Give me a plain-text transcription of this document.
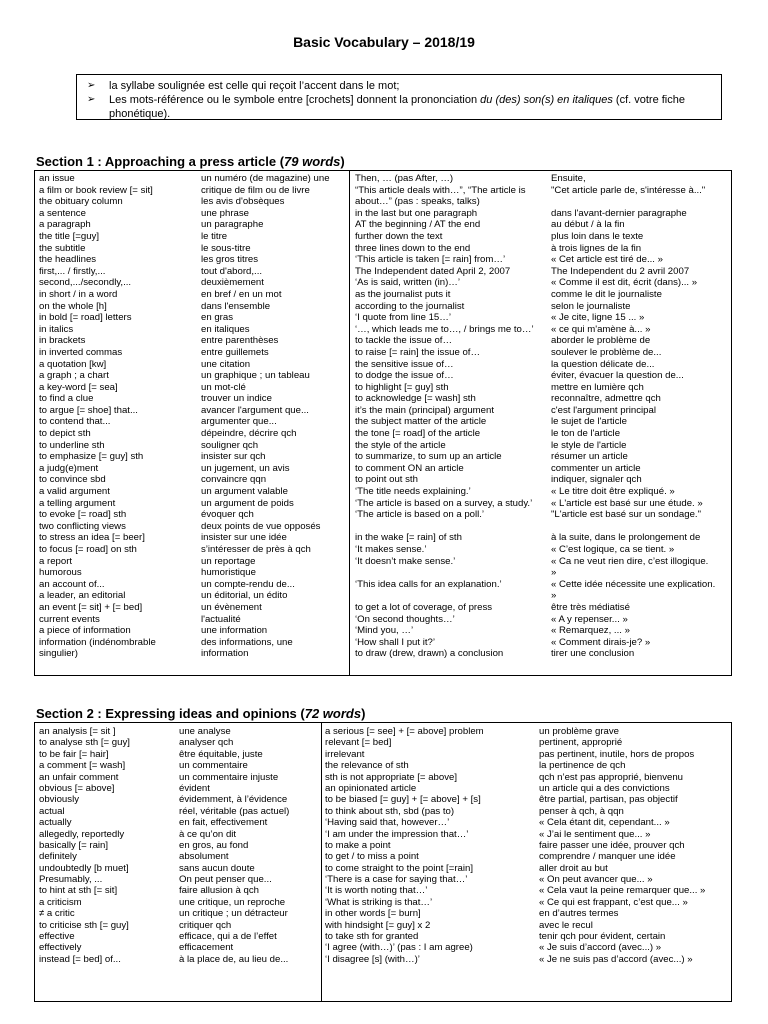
Basic Vocabulary – 2018/19
➢ la syllabe soulignée est celle qui reçoit l’accent dans le mot;
➢ Les mots-référence ou le symbole entre [crochets] donnent la prononciation du (des) son(s) en italiques (cf. votre fiche phonétique).
Section 1 : Approaching a press article (79 words)
an issue
a film or book review [= sit]
the obituary column
a sentence
a paragraph
the title [=guy]
the subtitle
the headlines
first,... / firstly,...
second,.../secondly,...
in short / in a word
on the whole [h]
in bold [= road] letters
in italics
in brackets
in inverted commas
a quotation [kw]
a graph ; a chart
a key-word [= sea]
to find a clue
to argue [= shoe] that...
to contend that...
to depict sth
to underline sth
to emphasize [= guy] sth
a judg(e)ment
to convince sbd
a valid argument
a telling argument
to evoke [= road] sth
two conflicting views
to stress an idea [= beer]
to focus [= road] on sth
a report
humorous
an account of...
a leader, an editorial
an event [= sit] + [= bed]
current events
a piece of information
information (indénombrable
singulier)
un numéro (de magazine) une
critique de film ou de livre
les avis d'obsèques
une phrase
un paragraphe
le titre
le sous-titre
les gros titres
tout d'abord,...
deuxièmement
en bref / en un mot
dans l'ensemble
en gras
en italiques
entre parenthèses
entre guillemets
une citation
un graphique ; un tableau
un mot-clé
trouver un indice
avancer l'argument que...
argumenter que...
dépeindre, décrire qch
souligner qch
insister sur qch
un jugement, un avis
convaincre qqn
un argument valable
un argument de poids
évoquer qch
deux points de vue opposés
insister sur une idée
s’intéresser de près à qch
un reportage
humoristique
un compte-rendu de...
un éditorial, un édito
un évènement
l'actualité
une information
des informations, une
information
Then, … (pas After, …)
“This article deals with…”, “The article is
about…” (pas : speaks, talks)
in the last but one paragraph
AT the beginning / AT the end
further down the text
three lines down to the end
‘This article is taken [= rain] from…’
The Independent dated April 2, 2007
‘As is said, written (in)…’
as the journalist puts it
according to the journalist
‘I quote from line 15…’
‘…, which leads me to…, / brings me to…’
to tackle the issue of…
to raise [= rain] the issue of…
the sensitive issue of…
to dodge the issue of…
to highlight [= guy] sth
to acknowledge [= wash] sth
it’s the main (principal) argument
the subject matter of the article
the tone [= road] of the article
the style of the article
to summarize, to sum up an article
to comment ON an article
to point out sth
‘The title needs explaining.’
‘The article is based on a survey, a study.’
‘The article is based on a poll.’
in the wake [= rain] of sth
‘It makes sense.’
‘It doesn’t make sense.’
‘This idea calls for an explanation.’
to get a lot of coverage, of press
‘On second thoughts…’
‘Mind you, …’
‘How shall I put it?’
to draw (drew, drawn) a conclusion
Ensuite,
"Cet article parle de, s'intéresse à..."
dans l'avant-dernier paragraphe
au début / à la fin
plus loin dans le texte
à trois lignes de la fin
« Cet article est tiré de... »
The Independent du 2 avril 2007
« Comme il est dit, écrit (dans)... »
comme le dit le journaliste
selon le journaliste
« Je cite, ligne 15 ... »
« ce qui m'amène à... »
aborder le problème de
soulever le problème de...
la question délicate de...
éviter, évacuer la question de...
mettre en lumière qch
reconnaître, admettre qch
c'est l'argument principal
le sujet de l'article
le ton de l'article
le style de l'article
résumer un article
commenter un article
indiquer, signaler qch
« Le titre doit être expliqué. »
« L'article est basé sur une étude. »
"L'article est basé sur un sondage."
à la suite, dans le prolongement de
« C’est logique, ca se tient. »
« Ca ne veut rien dire, c’est illogique.
»
« Cette idée nécessite une explication.
»
être très médiatisé
« A y repenser... »
« Remarquez, ... »
« Comment dirais-je? »
tirer une conclusion
Section 2 : Expressing ideas and opinions (72 words)
an analysis [= sit ]
to analyse sth [= guy]
to be fair [= hair]
a comment [= wash]
an unfair comment
obvious [= above]
obviously
actual
actually
allegedly, reportedly
basically [= rain]
definitely
undoubtedly [b muet]
Presumably, ...
to hint at sth [= sit]
a criticism
≠ a critic
to criticise sth [= guy]
effective
effectively
instead [= bed] of...
une analyse
analyser qch
être équitable, juste
un commentaire
un commentaire injuste
évident
évidemment, à l’évidence
réel, véritable (pas actuel)
en fait, effectivement
à ce qu’on dit
en gros, au fond
absolument
sans aucun doute
On peut penser que...
faire allusion à qch
une critique, un reproche
un critique ; un détracteur
critiquer qch
efficace, qui a de l’effet
efficacement
à la place de, au lieu de...
a serious [= see] + [= above] problem
relevant [= bed]
irrelevant
the relevance of sth
sth is not appropriate [= above]
an opinionated article
to be biased [= guy] + [= above] + [s]
to think about sth, sbd (pas to)
‘Having said that, however…’
‘I am under the impression that…’
to make a point
to get / to miss a point
to come straight to the point [=rain]
‘There is a case for saying that…’
‘It is worth noting that…’
‘What is striking is that…’
in other words [= burn]
with hindsight [= guy] x 2
to take sth for granted
‘I agree (with…)’ (pas : I am agree)
‘I disagree [s] (with…)’
un problème grave
pertinent, approprié
pas pertinent, inutile, hors de propos
la pertinence de qch
qch n’est pas approprié, bienvenu
un article qui a des convictions
être partial, partisan, pas objectif
penser à qch, à qqn
« Cela étant dit, cependant... »
« J’ai le sentiment que... »
faire passer une idée, prouver qch
comprendre / manquer une idée
aller droit au but
« On peut avancer que... »
« Cela vaut la peine remarquer que... »
« Ce qui est frappant, c’est que... »
en d’autres termes
avec le recul
tenir qch pour évident, certain
« Je suis d’accord (avec...) »
« Je ne suis pas d’accord (avec...) »
